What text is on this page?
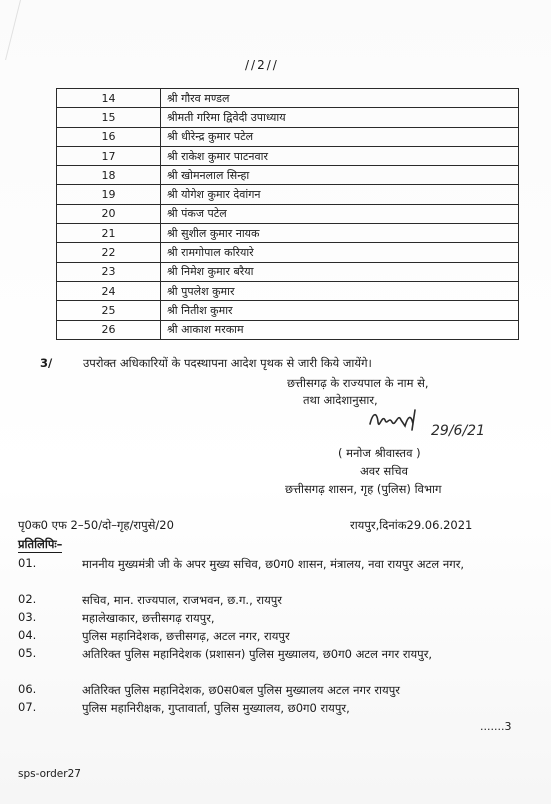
//2//
14	श्री गौरव मण्डल
15	श्रीमती गरिमा द्विवेदी उपाध्याय
16	श्री धीरेन्द्र कुमार पटेल
17	श्री राकेश कुमार पाटनवार
18	श्री खोमनलाल सिन्हा
19	श्री योगेश कुमार देवांगन
20	श्री पंकज पटेल
21	श्री सुशील कुमार नायक
22	श्री रामगोपाल करियारे
23	श्री निमेश कुमार बरैया
24	श्री पुपलेश कुमार
25	श्री नितीश कुमार
26	श्री आकाश मरकाम
3/	उपरोक्त अधिकारियों के पदस्थापना आदेश पृथक से जारी किये जायेंगे।
छत्तीसगढ़ के राज्यपाल के नाम से,
तथा आदेशानुसार,
29/6/21
( मनोज श्रीवास्तव )
अवर सचिव
छत्तीसगढ़ शासन, गृह (पुलिस) विभाग
पृ0क0 एफ 2–50/दो–गृह/रापुसे/20	रायपुर,दिनांक29.06.2021
प्रतिलिपिः–
01.	माननीय मुख्यमंत्री जी के अपर मुख्य सचिव, छ0ग0 शासन, मंत्रालय, नवा रायपुर अटल नगर,
02.	सचिव, मान. राज्यपाल, राजभवन, छ.ग., रायपुर
03.	महालेखाकार, छत्तीसगढ़ रायपुर,
04.	पुलिस महानिदेशक, छत्तीसगढ़, अटल नगर, रायपुर
05.	अतिरिक्त पुलिस महानिदेशक (प्रशासन) पुलिस मुख्यालय, छ0ग0 अटल नगर रायपुर,
06.	अतिरिक्त पुलिस महानिदेशक, छ0स0बल पुलिस मुख्यालय अटल नगर रायपुर
07.	पुलिस महानिरीक्षक, गुप्तावार्ता, पुलिस मुख्यालय, छ0ग0 रायपुर,
.......3
sps-order27
